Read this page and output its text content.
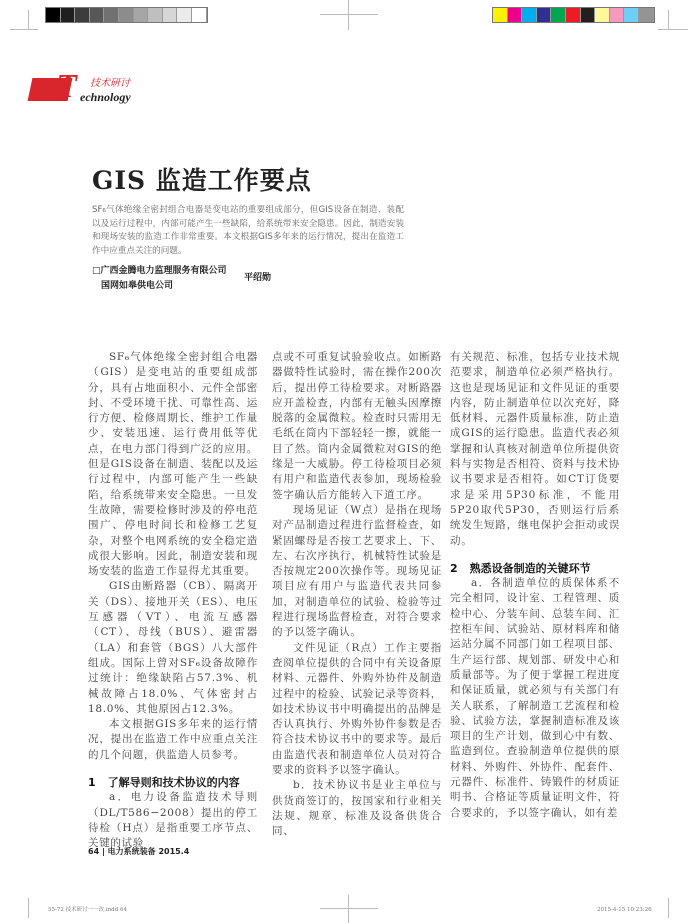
55-72 技术研讨一一改.indd 64	2015-4-15 10:23:26
T 技术研讨
echnology
GIS 监造工作要点
SF₆气体绝缘全密封组合电器是变电站的重要组成部分，但GIS设备在制造、装配以及运行过程中，内部可能产生一些缺陷，给系统带来安全隐患。因此，制造安装和现场安装的监造工作非常重要。本文根据GIS多年来的运行情况，提出在监造工作中应重点关注的问题。
□广西金腾电力监理服务有限公司
国网如皋供电公司
平绍勋

SF₆气体绝缘全密封组合电器（GIS）是变电站的重要组成部分，具有占地面积小、元件全部密封、不受环境干扰、可靠性高、运行方便、检修周期长、维护工作量少、安装迅速、运行费用低等优点，在电力部门得到广泛的应用。但是GIS设备在制造、装配以及运行过程中，内部可能产生一些缺陷，给系统带来安全隐患。一旦发生故障，需要检修时涉及的停电范围广、停电时间长和检修工艺复杂，对整个电网系统的安全稳定造成很大影响。因此，制造安装和现场安装的监造工作显得尤其重要。

GIS由断路器（CB）、隔离开关（DS）、接地开关（ES）、电压互感器（VT）、电流互感器（CT）、母线（BUS）、避雷器（LA）和套管（BGS）八大部件组成。国际上曾对SF₆设备故障作过统计：绝缘缺陷占57.3%、机械故障占18.0%、气体密封占18.0%、其他原因占12.3%。

本文根据GIS多年来的运行情况，提出在监造工作中应重点关注的几个问题，供监造人员参考。

1 了解导则和技术协议的内容

a．电力设备监造技术导则（DL/T586−2008）提出的停工待检（H点）是指重要工序节点、关键的试验

点或不可重复试验验收点。如断路器做特性试验时，需在操作200次后，提出停工待检要求。对断路器应开盖检查，内部有无触头因摩擦脱落的金属微粒。检查时只需用无毛纸在筒内下部轻轻一擦，就能一目了然。筒内金属微粒对GIS的绝缘是一大威胁。停工待检项目必须有用户和监造代表参加，现场检验签字确认后方能转入下道工序。

现场见证（W点）是指在现场对产品制造过程进行监督检查，如紧固螺母是否按工艺要求上、下、左、右次序执行，机械特性试验是否按规定200次操作等。现场见证项目应有用户与监造代表共同参加，对制造单位的试验、检验等过程进行现场监督检查，对符合要求的予以签字确认。

文件见证（R点）工作主要指查阅单位提供的合同中有关设备原材料、元器件、外购外协件及制造过程中的检验、试验记录等资料，如技术协议书中明确提出的品牌是否认真执行、外购外协件参数是否符合技术协议书中的要求等。最后由监造代表和制造单位人员对符合要求的资料予以签字确认。

b．技术协议书是业主单位与供货商签订的，按国家和行业相关法规、规章、标准及设备供货合同、

有关规范、标准，包括专业技术规范要求，制造单位必须严格执行。这也是现场见证和文件见证的重要内容，防止制造单位以次充好，降低材料、元器件质量标准，防止造成GIS的运行隐患。监造代表必须掌握和认真核对制造单位所提供资料与实物是否相符、资料与技术协议书要求是否相符。如CT订货要求是采用5P30标准，不能用5P20取代5P30，否则运行后系统发生短路，继电保护会拒动或误动。

2 熟悉设备制造的关键环节

a．各制造单位的质保体系不完全相同，设计室、工程管理、质检中心、分装车间、总装车间、汇控柜车间、试验站、原材料库和储运站分属不同部门如工程项目部、生产运行部、规划部、研发中心和质量部等。为了便于掌握工程进度和保证质量，就必须与有关部门有关人联系，了解制造工艺流程和检验、试验方法，掌握制造标准及该项目的生产计划，做到心中有数、监造到位。查验制造单位提供的原材料、外购件、外协件、配套件、元器件、标准件、铸锻件的材质证明书、合格证等质量证明文件，符合要求的，予以签字确认，如有差

64 | 电力系统装备 2015.4
